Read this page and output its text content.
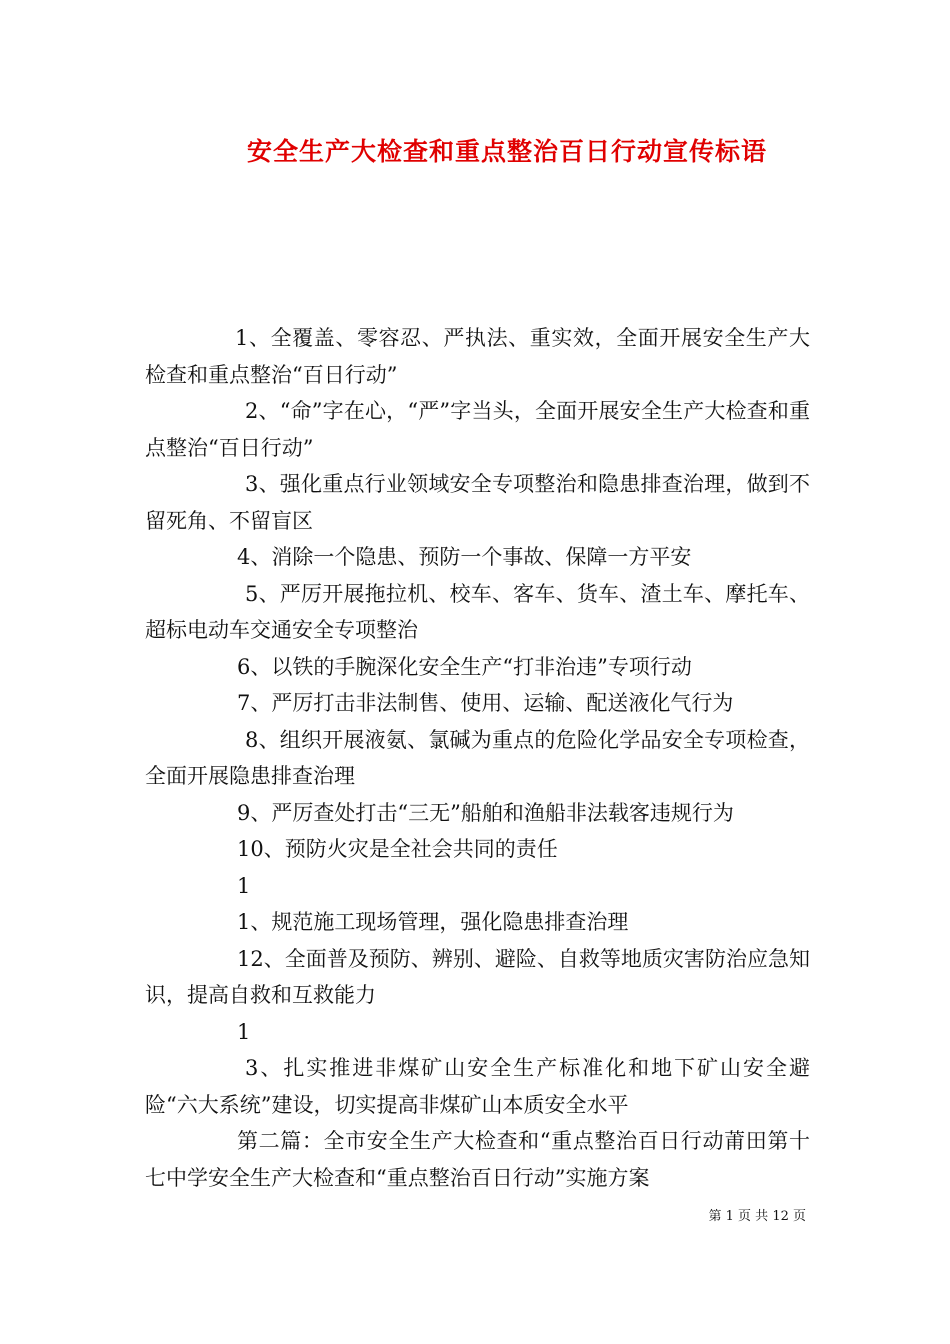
安全生产大检查和重点整治百日行动宣传标语

1、全覆盖、零容忍、严执法、重实效，全面开展安全生产大检查和重点整治“百日行动”

2、“命”字在心，“严”字当头，全面开展安全生产大检查和重点整治“百日行动”

3、强化重点行业领域安全专项整治和隐患排查治理，做到不留死角、不留盲区

4、消除一个隐患、预防一个事故、保障一方平安

5、严厉开展拖拉机、校车、客车、货车、渣土车、摩托车、超标电动车交通安全专项整治

6、以铁的手腕深化安全生产“打非治违”专项行动

7、严厉打击非法制售、使用、运输、配送液化气行为

8、组织开展液氨、氯碱为重点的危险化学品安全专项检查，全面开展隐患排查治理

9、严厉查处打击“三无”船舶和渔船非法载客违规行为

10、预防火灾是全社会共同的责任

1

1、规范施工现场管理，强化隐患排查治理

12、全面普及预防、辨别、避险、自救等地质灾害防治应急知识，提高自救和互救能力

1

3、扎实推进非煤矿山安全生产标准化和地下矿山安全避险“六大系统”建设，切实提高非煤矿山本质安全水平

第二篇：全市安全生产大检查和“重点整治百日行动莆田第十七中学安全生产大检查和“重点整治百日行动”实施方案

第 1 页 共 12 页
